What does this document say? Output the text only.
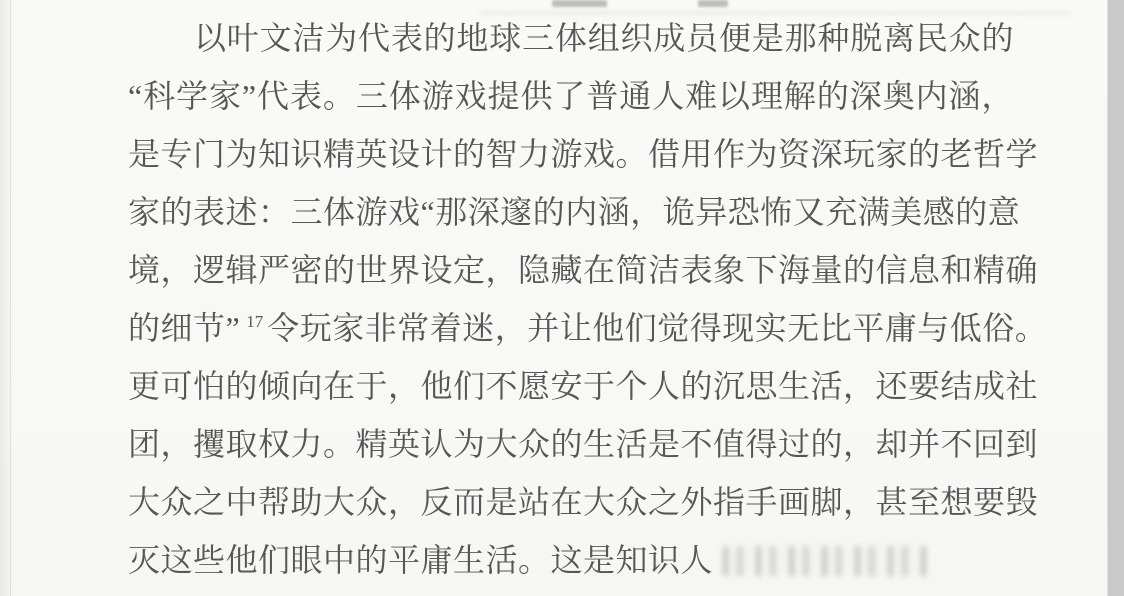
以叶文洁为代表的地球三体组织成员便是那种脱离民众的
“科学家”代表。三体游戏提供了普通人难以理解的深奥内涵，
是专门为知识精英设计的智力游戏。借用作为资深玩家的老哲学
家的表述：三体游戏“那深邃的内涵，诡异恐怖又充满美感的意
境，逻辑严密的世界设定，隐藏在简洁表象下海量的信息和精确
的细节” $^{17}$ 令玩家非常着迷，并让他们觉得现实无比平庸与低俗。
更可怕的倾向在于，他们不愿安于个人的沉思生活，还要结成社
团，攫取权力。精英认为大众的生活是不值得过的，却并不回到
大众之中帮助大众，反而是站在大众之外指手画脚，甚至想要毁
灭这些他们眼中的平庸生活。这是知识人
